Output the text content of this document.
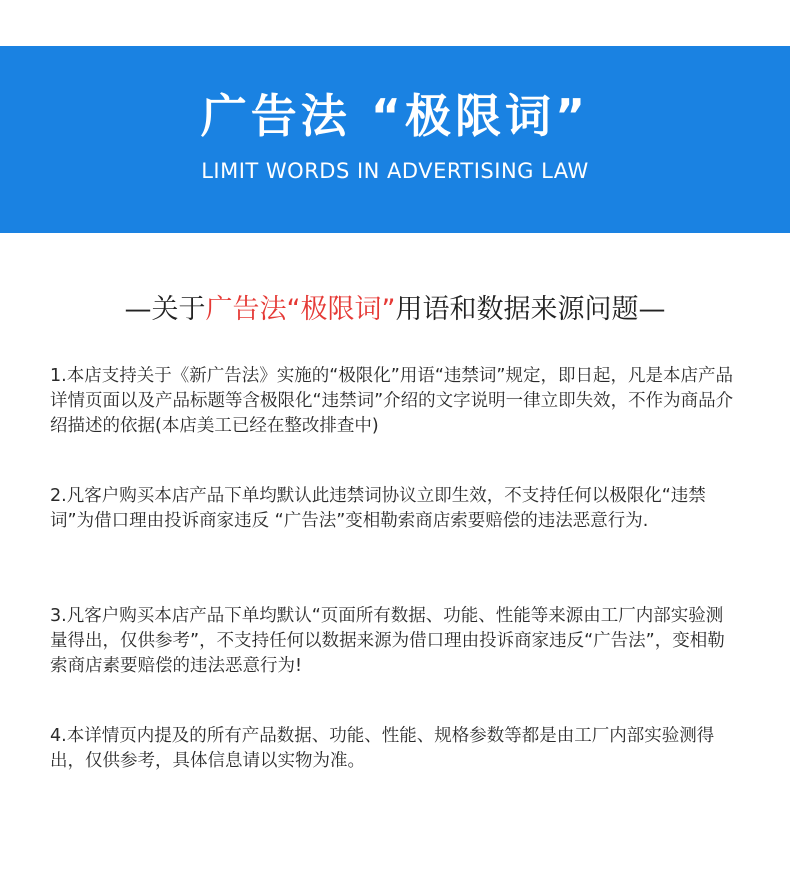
广告法 “极限词”
LIMIT WORDS IN ADVERTISING LAW
—关于广告法“极限词”用语和数据来源问题—
1.本店支持关于《新广告法》实施的“极限化”用语“违禁词”规定，即日起，凡是本店产品详情页面以及产品标题等含极限化“违禁词”介绍的文字说明一律立即失效，不作为商品介绍描述的依据(本店美工已经在整改排查中)
2.凡客户购买本店产品下单均默认此违禁词协议立即生效，不支持任何以极限化“违禁词”为借口理由投诉商家违反 “广告法”变相勒索商店索要赔偿的违法恶意行为.
3.凡客户购买本店产品下单均默认“页面所有数据、功能、性能等来源由工厂内部实验测量得出，仅供参考”，不支持任何以数据来源为借口理由投诉商家违反“广告法”，变相勒索商店素要赔偿的违法恶意行为!
4.本详情页内提及的所有产品数据、功能、性能、规格参数等都是由工厂内部实验测得出，仅供参考，具体信息请以实物为准。
